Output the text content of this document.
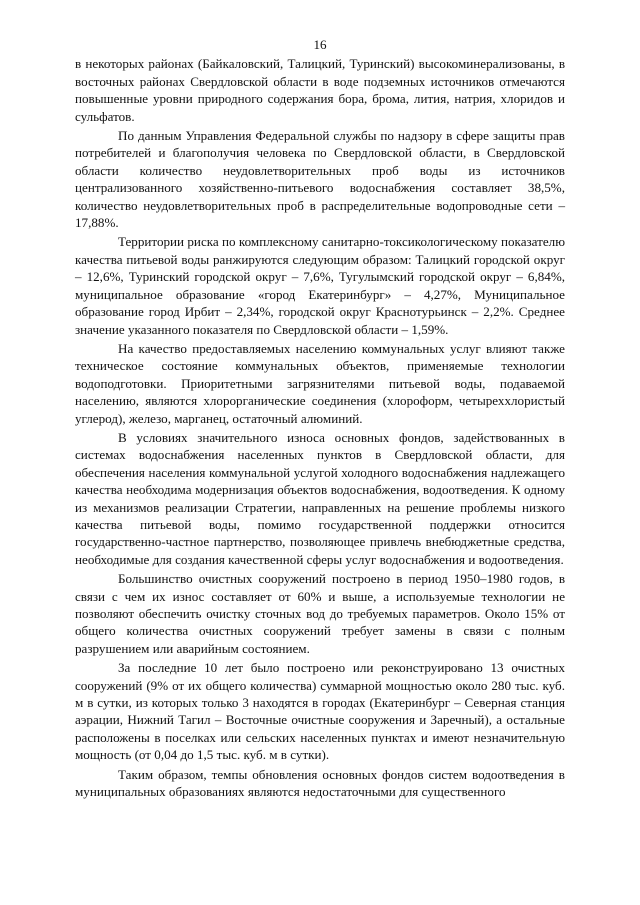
16

в некоторых районах (Байкаловский, Талицкий, Туринский) высокоминерализованы, в восточных районах Свердловской области в воде подземных источников отмечаются повышенные уровни природного содержания бора, брома, лития, натрия, хлоридов и сульфатов.

По данным Управления Федеральной службы по надзору в сфере защиты прав потребителей и благополучия человека по Свердловской области, в Свердловской области количество неудовлетворительных проб воды из источников централизованного хозяйственно-питьевого водоснабжения составляет 38,5%, количество неудовлетворительных проб в распределительные водопроводные сети – 17,88%.

Территории риска по комплексному санитарно-токсикологическому показателю качества питьевой воды ранжируются следующим образом: Талицкий городской округ – 12,6%, Туринский городской округ – 7,6%, Тугулымский городской округ – 6,84%, муниципальное образование «город Екатеринбург» – 4,27%, Муниципальное образование город Ирбит – 2,34%, городской округ Краснотурьинск – 2,2%. Среднее значение указанного показателя по Свердловской области – 1,59%.

На качество предоставляемых населению коммунальных услуг влияют также техническое состояние коммунальных объектов, применяемые технологии водоподготовки. Приоритетными загрязнителями питьевой воды, подаваемой населению, являются хлорорганические соединения (хлороформ, четыреххлористый углерод), железо, марганец, остаточный алюминий.

В условиях значительного износа основных фондов, задействованных в системах водоснабжения населенных пунктов в Свердловской области, для обеспечения населения коммунальной услугой холодного водоснабжения надлежащего качества необходима модернизация объектов водоснабжения, водоотведения. К одному из механизмов реализации Стратегии, направленных на решение проблемы низкого качества питьевой воды, помимо государственной поддержки относится государственно-частное партнерство, позволяющее привлечь внебюджетные средства, необходимые для создания качественной сферы услуг водоснабжения и водоотведения.

Большинство очистных сооружений построено в период 1950–1980 годов, в связи с чем их износ составляет от 60% и выше, а используемые технологии не позволяют обеспечить очистку сточных вод до требуемых параметров. Около 15% от общего количества очистных сооружений требует замены в связи с полным разрушением или аварийным состоянием.

За последние 10 лет было построено или реконструировано 13 очистных сооружений (9% от их общего количества) суммарной мощностью около 280 тыс. куб. м в сутки, из которых только 3 находятся в городах (Екатеринбург – Северная станция аэрации, Нижний Тагил – Восточные очистные сооружения и Заречный), а остальные расположены в поселках или сельских населенных пунктах и имеют незначительную мощность (от 0,04 до 1,5 тыс. куб. м в сутки).

Таким образом, темпы обновления основных фондов систем водоотведения в муниципальных образованиях являются недостаточными для существенного
